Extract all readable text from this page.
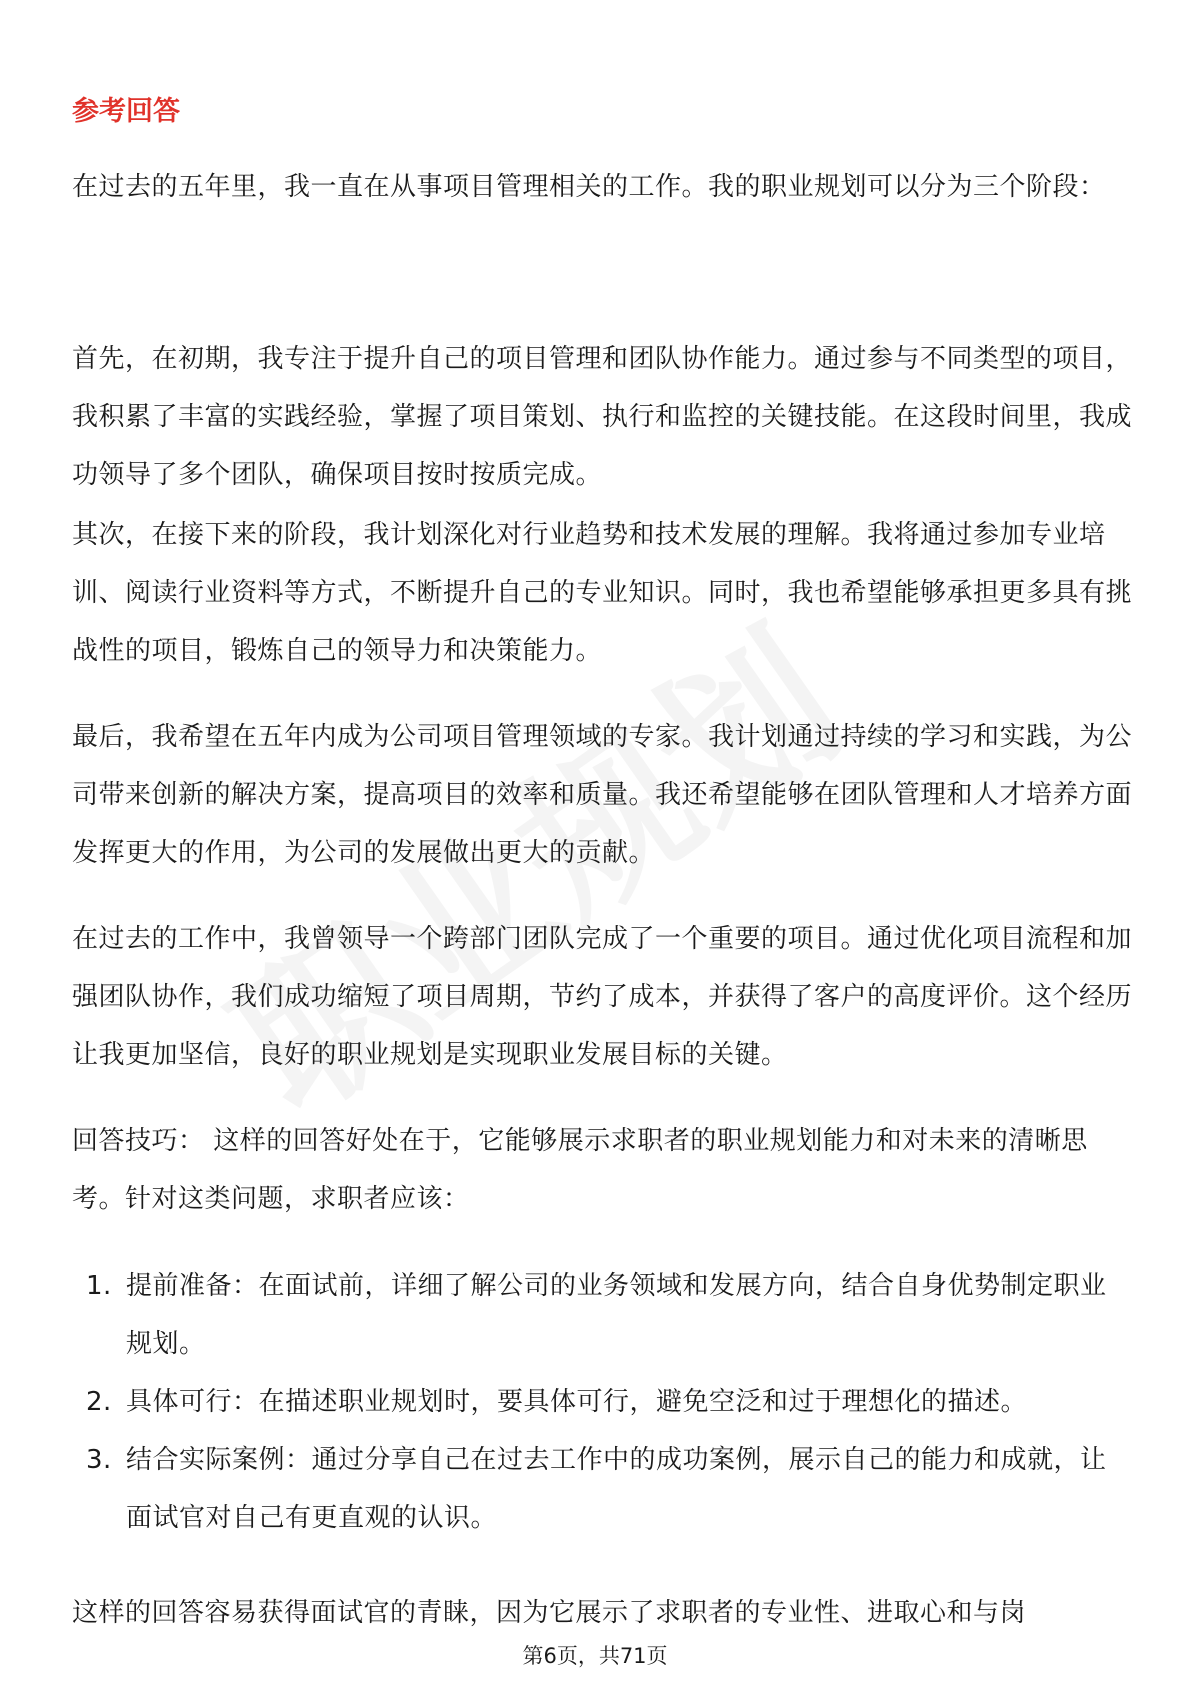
参考回答

在过去的五年里，我一直在从事项目管理相关的工作。我的职业规划可以分为三个阶段：

首先，在初期，我专注于提升自己的项目管理和团队协作能力。通过参与不同类型的项目，我积累了丰富的实践经验，掌握了项目策划、执行和监控的关键技能。在这段时间里，我成功领导了多个团队，确保项目按时按质完成。

其次，在接下来的阶段，我计划深化对行业趋势和技术发展的理解。我将通过参加专业培训、阅读行业资料等方式，不断提升自己的专业知识。同时，我也希望能够承担更多具有挑战性的项目，锻炼自己的领导力和决策能力。

最后，我希望在五年内成为公司项目管理领域的专家。我计划通过持续的学习和实践，为公司带来创新的解决方案，提高项目的效率和质量。我还希望能够在团队管理和人才培养方面发挥更大的作用，为公司的发展做出更大的贡献。

在过去的工作中，我曾领导一个跨部门团队完成了一个重要的项目。通过优化项目流程和加强团队协作，我们成功缩短了项目周期，节约了成本，并获得了客户的高度评价。这个经历让我更加坚信，良好的职业规划是实现职业发展目标的关键。

回答技巧： 这样的回答好处在于，它能够展示求职者的职业规划能力和对未来的清晰思考。针对这类问题，求职者应该：

1. 提前准备：在面试前，详细了解公司的业务领域和发展方向，结合自身优势制定职业规划。
2. 具体可行：在描述职业规划时，要具体可行，避免空泛和过于理想化的描述。
3. 结合实际案例：通过分享自己在过去工作中的成功案例，展示自己的能力和成就，让面试官对自己有更直观的认识。

这样的回答容易获得面试官的青睐，因为它展示了求职者的专业性、进取心和与岗

第6页，共71页
